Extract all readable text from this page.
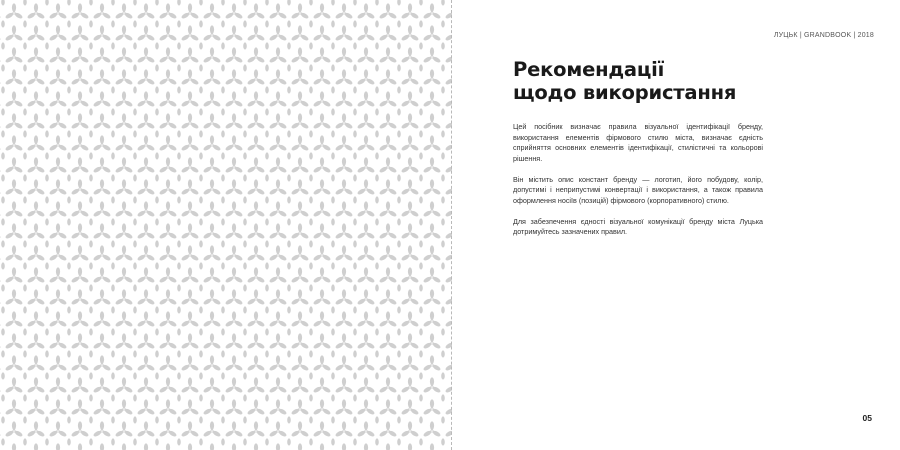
ЛУЦЬК | GRANDBOOK | 2018
Рекомендації
щодо використання

Цей посібник визначає правила візуальної ідентифікації бренду, використання елементів фірмового стилю міста, визначає єдність сприйняття основних елементів ідентифікації, стилістичні та кольорові рішення.

Він містить опис констант бренду — логотип, його побудову, колір, допустимі і неприпустимі конвертації і використання, а також правила оформлення носіїв (позицій) фірмового (корпоративного) стилю.

Для забезпечення єдності візуальної комунікації бренду міста Луцька дотримуйтесь зазначених правил.

05
